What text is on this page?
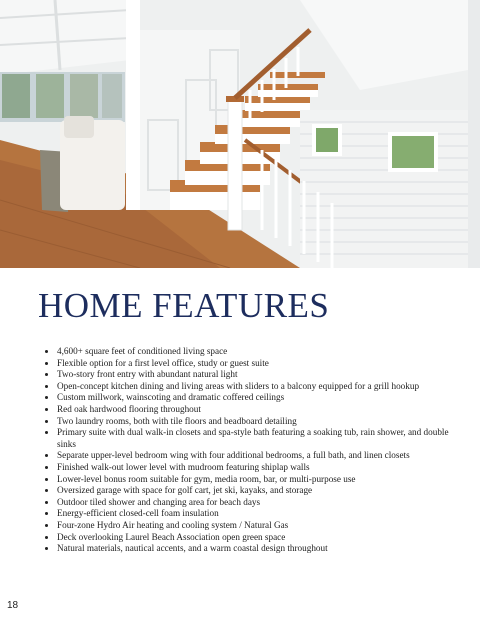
HOME FEATURES
• 4,600+ square feet of conditioned living space
• Flexible option for a first level office, study or guest suite
• Two-story front entry with abundant natural light
• Open-concept kitchen dining and living areas with sliders to a balcony equipped for a grill hookup
• Custom millwork, wainscoting and dramatic coffered ceilings
• Red oak hardwood flooring throughout
• Two laundry rooms, both with tile floors and beadboard detailing
• Primary suite with dual walk-in closets and spa-style bath featuring a soaking tub, rain shower, and double sinks
• Separate upper-level bedroom wing with four additional bedrooms, a full bath, and linen closets
• Finished walk-out lower level with mudroom featuring shiplap walls
• Lower-level bonus room suitable for gym, media room, bar, or multi-purpose use
• Oversized garage with space for golf cart, jet ski, kayaks, and storage
• Outdoor tiled shower and changing area for beach days
• Energy-efficient closed-cell foam insulation
• Four-zone Hydro Air heating and cooling system / Natural Gas
• Deck overlooking Laurel Beach Association open green space
• Natural materials, nautical accents, and a warm coastal design throughout
18
